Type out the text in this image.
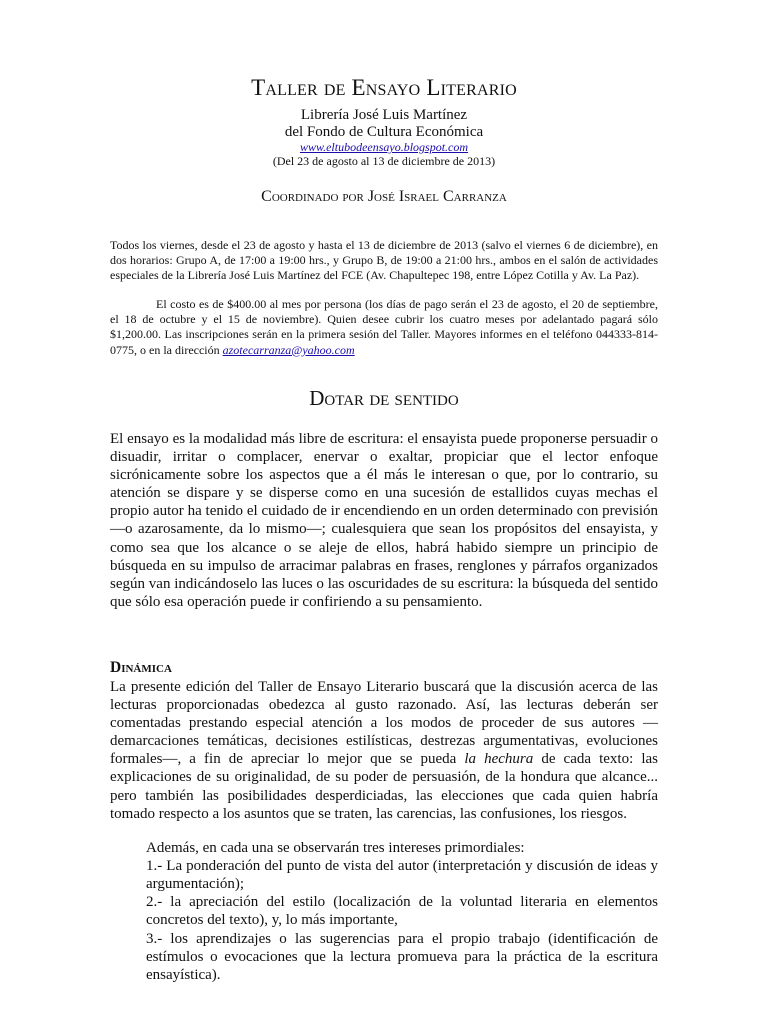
Taller de Ensayo Literario
Librería José Luis Martínez
del Fondo de Cultura Económica
www.eltubodeensayo.blogspot.com
(Del 23 de agosto al 13 de diciembre de 2013)
Coordinado por José Israel Carranza
Todos los viernes, desde el 23 de agosto y hasta el 13 de diciembre de 2013 (salvo el viernes 6 de diciembre), en dos horarios: Grupo A, de 17:00 a 19:00 hrs., y Grupo B, de 19:00 a 21:00 hrs., ambos en el salón de actividades especiales de la Librería José Luis Martínez del FCE (Av. Chapultepec 198, entre López Cotilla y Av. La Paz).
El costo es de $400.00 al mes por persona (los días de pago serán el 23 de agosto, el 20 de septiembre, el 18 de octubre y el 15 de noviembre). Quien desee cubrir los cuatro meses por adelantado pagará sólo $1,200.00. Las inscripciones serán en la primera sesión del Taller. Mayores informes en el teléfono 044333-814-0775, o en la dirección azotecarranza@yahoo.com
Dotar de sentido
El ensayo es la modalidad más libre de escritura: el ensayista puede proponerse persuadir o disuadir, irritar o complacer, enervar o exaltar, propiciar que el lector enfoque sicrónicamente sobre los aspectos que a él más le interesan o que, por lo contrario, su atención se dispare y se disperse como en una sucesión de estallidos cuyas mechas el propio autor ha tenido el cuidado de ir encendiendo en un orden determinado con previsión —o azarosamente, da lo mismo—; cualesquiera que sean los propósitos del ensayista, y como sea que los alcance o se aleje de ellos, habrá habido siempre un principio de búsqueda en su impulso de arracimar palabras en frases, renglones y párrafos organizados según van indicándoselo las luces o las oscuridades de su escritura: la búsqueda del sentido que sólo esa operación puede ir confiriendo a su pensamiento.
Dinámica
La presente edición del Taller de Ensayo Literario buscará que la discusión acerca de las lecturas proporcionadas obedezca al gusto razonado. Así, las lecturas deberán ser comentadas prestando especial atención a los modos de proceder de sus autores —demarcaciones temáticas, decisiones estilísticas, destrezas argumentativas, evoluciones formales—, a fin de apreciar lo mejor que se pueda la hechura de cada texto: las explicaciones de su originalidad, de su poder de persuasión, de la hondura que alcance... pero también las posibilidades desperdiciadas, las elecciones que cada quien habría tomado respecto a los asuntos que se traten, las carencias, las confusiones, los riesgos.
Además, en cada una se observarán tres intereses primordiales:
1.- La ponderación del punto de vista del autor (interpretación y discusión de ideas y argumentación);
2.- la apreciación del estilo (localización de la voluntad literaria en elementos concretos del texto), y, lo más importante,
3.- los aprendizajes o las sugerencias para el propio trabajo (identificación de estímulos o evocaciones que la lectura promueva para la práctica de la escritura ensayística).
